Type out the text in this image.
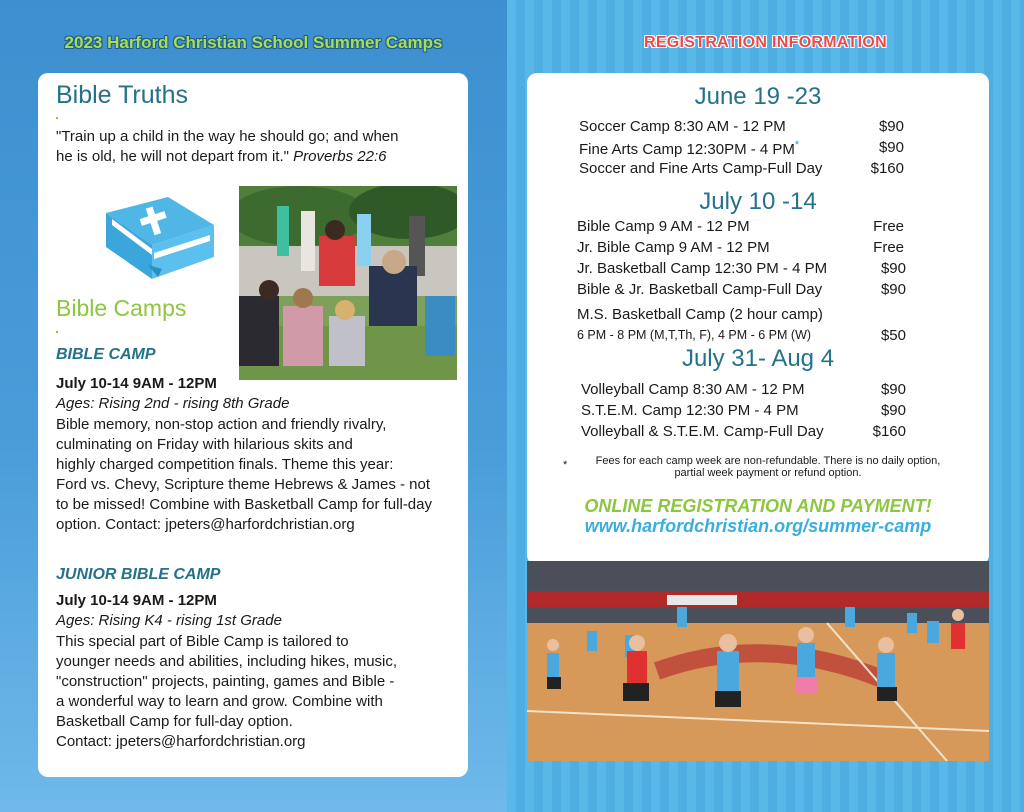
2023 Harford Christian School Summer Camps	REGISTRATION INFORMATION
Bible Truths
"Train up a child in the way he should go; and when
he is old, he will not depart from it." Proverbs 22:6
Bible Camps
BIBLE CAMP
July 10-14 9AM - 12PM
Ages: Rising 2nd - rising 8th Grade
Bible memory, non-stop action and friendly rivalry,
culminating on Friday with hilarious skits and
highly charged competition finals. Theme this year:
Ford vs. Chevy, Scripture theme Hebrews & James - not
to be missed! Combine with Basketball Camp for full-day
option. Contact: jpeters@harfordchristian.org
JUNIOR BIBLE CAMP
July 10-14 9AM - 12PM
Ages: Rising K4 - rising 1st Grade
This special part of Bible Camp is tailored to
younger needs and abilities, including hikes, music,
"construction" projects, painting, games and Bible -
a wonderful way to learn and grow. Combine with
Basketball Camp for full-day option.
Contact: jpeters@harfordchristian.org
June 19 -23
Soccer Camp 8:30 AM - 12 PM	$90
Fine Arts Camp 12:30PM - 4 PM*	$90
Soccer and Fine Arts Camp-Full Day	$160
July 10 -14
Bible Camp 9 AM - 12 PM	Free
Jr. Bible Camp 9 AM - 12 PM	Free
Jr. Basketball Camp 12:30 PM - 4 PM	$90
Bible & Jr. Basketball Camp-Full Day	$90
M.S. Basketball Camp (2 hour camp)
6 PM - 8 PM (M,T,Th, F), 4 PM - 6 PM (W)	$50
July 31- Aug 4
Volleyball Camp 8:30 AM - 12 PM	$90
S.T.E.M. Camp 12:30 PM - 4 PM	$90
Volleyball & S.T.E.M. Camp-Full Day	$160
*	Fees for each camp week are non-refundable. There is no daily option,
partial week payment or refund option.
ONLINE REGISTRATION AND PAYMENT!
www.harfordchristian.org/summer-camp
